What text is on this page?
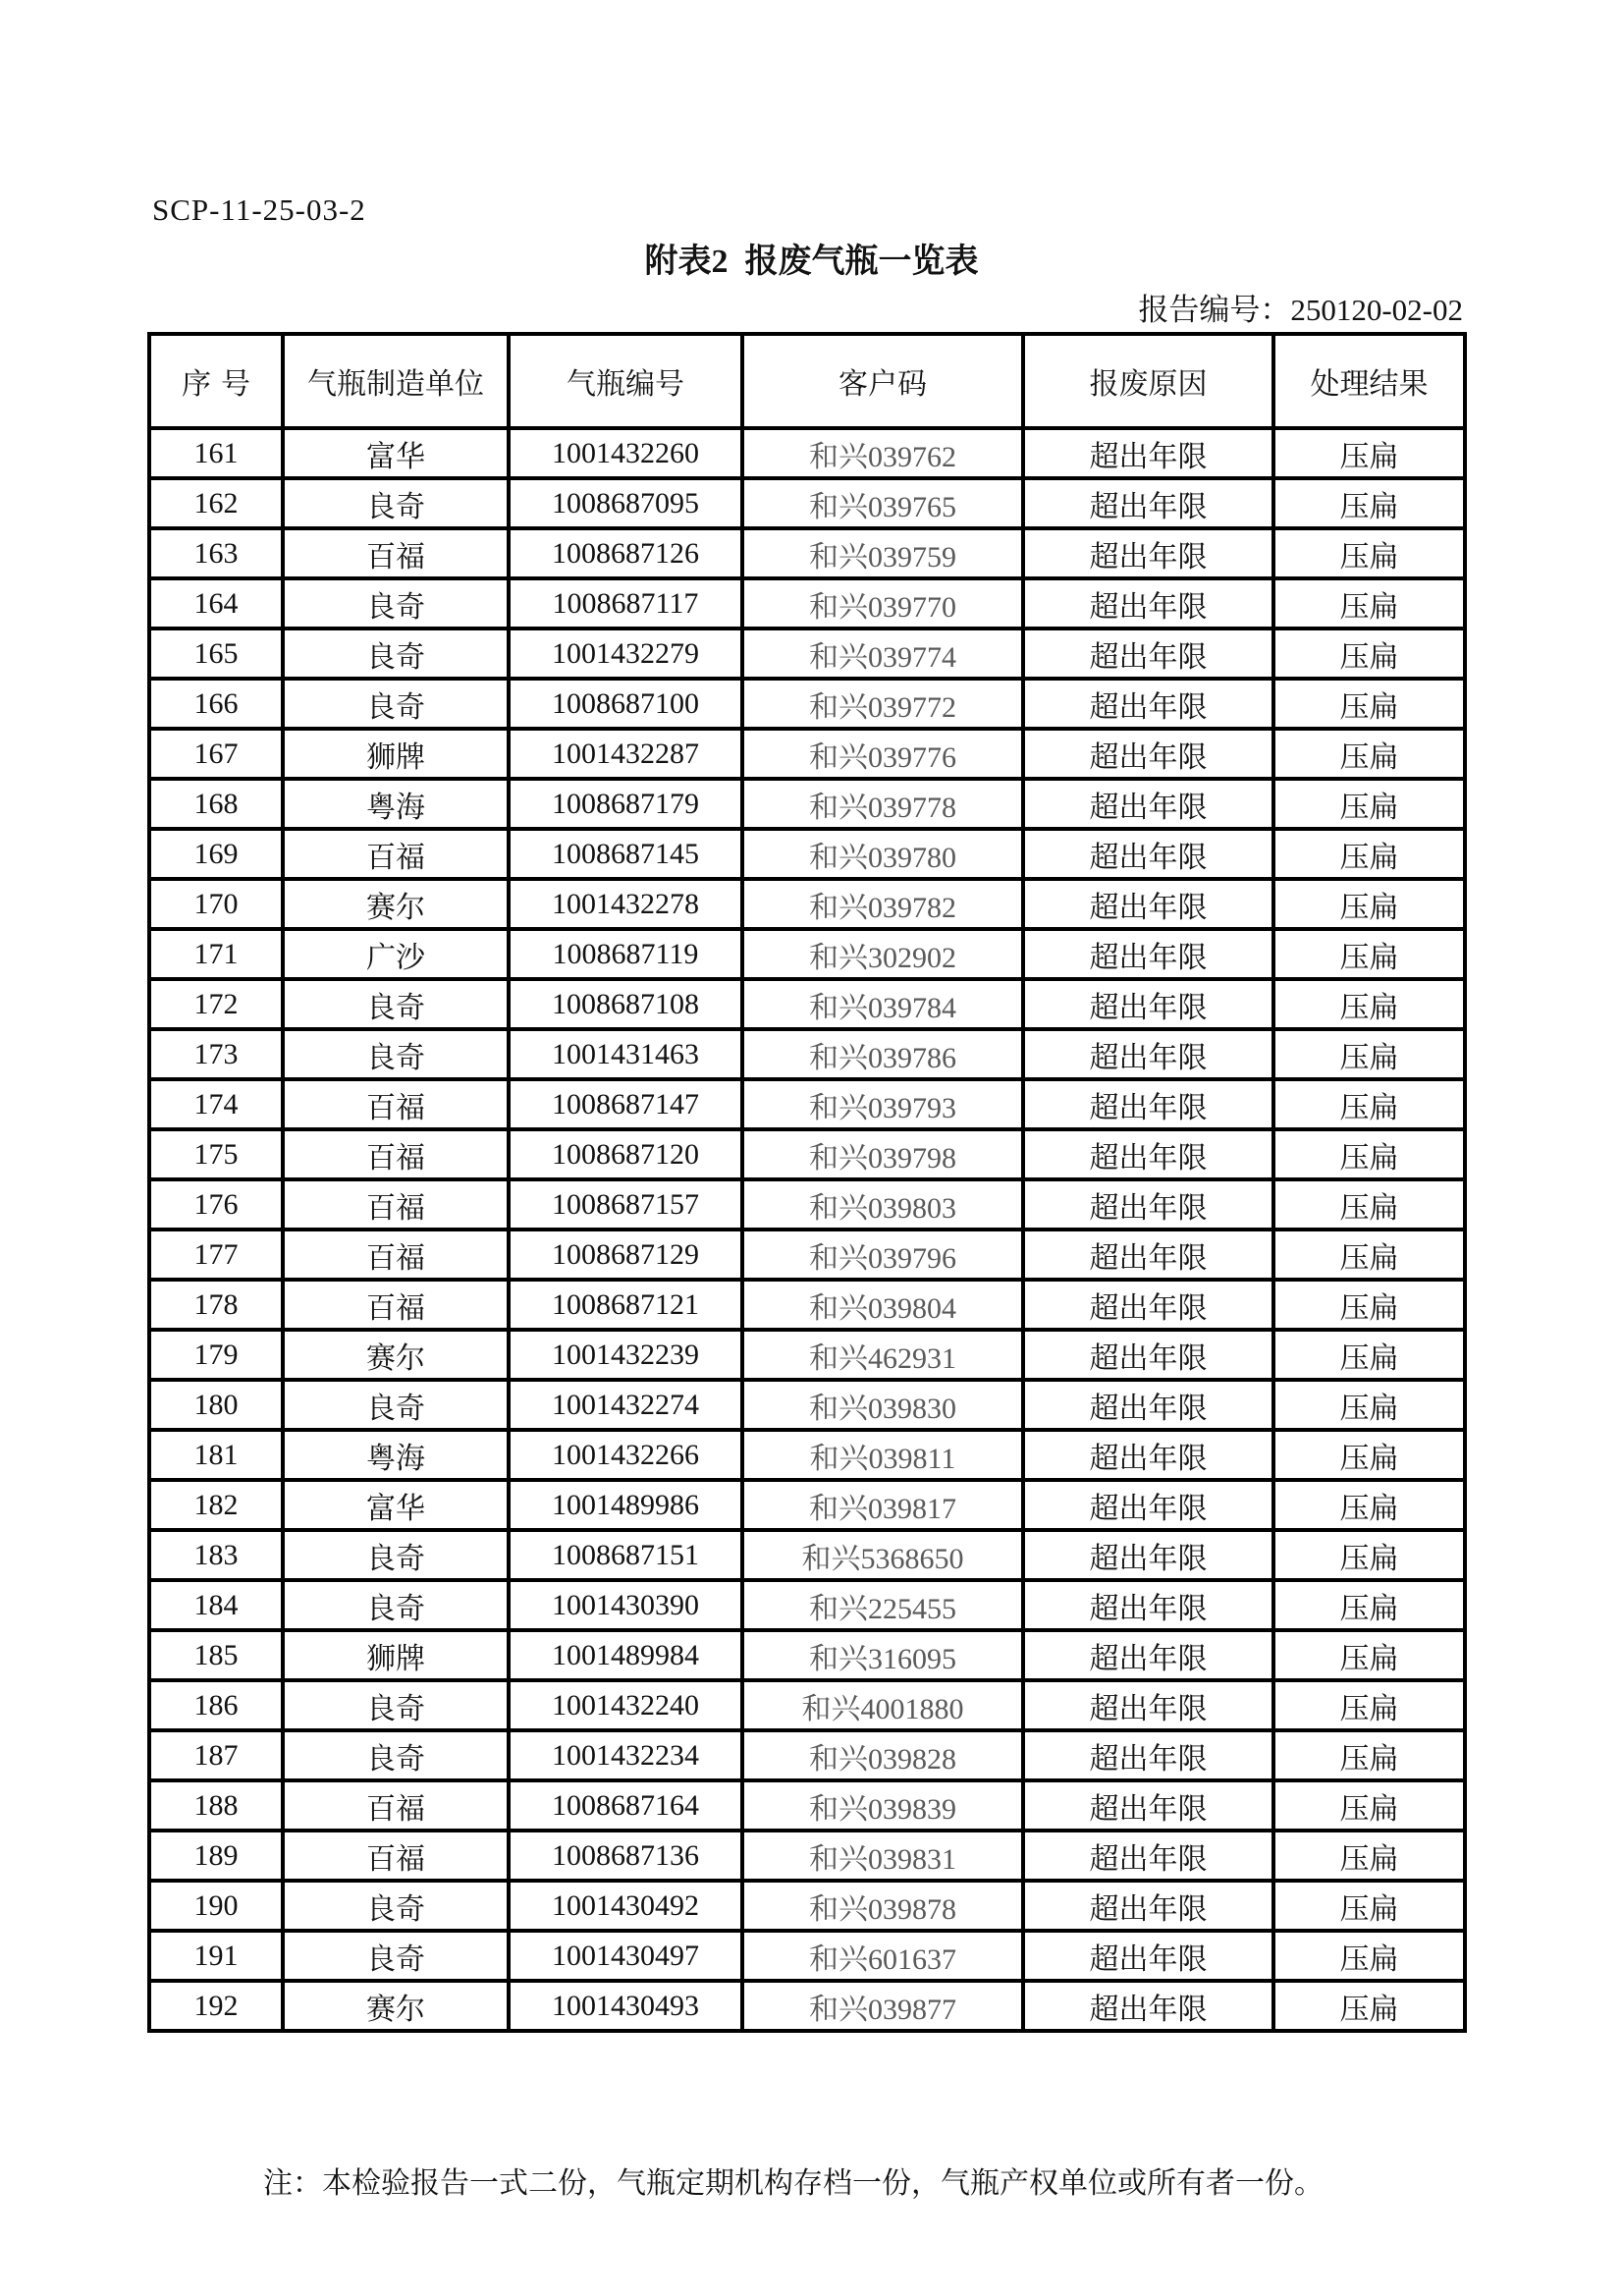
SCP-11-25-03-2
附表2  报废气瓶一览表
报告编号：250120-02-02
序号	气瓶制造单位	气瓶编号	客户码	报废原因	处理结果
161	富华	1001432260	和兴039762	超出年限	压扁
162	良奇	1008687095	和兴039765	超出年限	压扁
163	百福	1008687126	和兴039759	超出年限	压扁
164	良奇	1008687117	和兴039770	超出年限	压扁
165	良奇	1001432279	和兴039774	超出年限	压扁
166	良奇	1008687100	和兴039772	超出年限	压扁
167	狮牌	1001432287	和兴039776	超出年限	压扁
168	粤海	1008687179	和兴039778	超出年限	压扁
169	百福	1008687145	和兴039780	超出年限	压扁
170	赛尔	1001432278	和兴039782	超出年限	压扁
171	广沙	1008687119	和兴302902	超出年限	压扁
172	良奇	1008687108	和兴039784	超出年限	压扁
173	良奇	1001431463	和兴039786	超出年限	压扁
174	百福	1008687147	和兴039793	超出年限	压扁
175	百福	1008687120	和兴039798	超出年限	压扁
176	百福	1008687157	和兴039803	超出年限	压扁
177	百福	1008687129	和兴039796	超出年限	压扁
178	百福	1008687121	和兴039804	超出年限	压扁
179	赛尔	1001432239	和兴462931	超出年限	压扁
180	良奇	1001432274	和兴039830	超出年限	压扁
181	粤海	1001432266	和兴039811	超出年限	压扁
182	富华	1001489986	和兴039817	超出年限	压扁
183	良奇	1008687151	和兴5368650	超出年限	压扁
184	良奇	1001430390	和兴225455	超出年限	压扁
185	狮牌	1001489984	和兴316095	超出年限	压扁
186	良奇	1001432240	和兴4001880	超出年限	压扁
187	良奇	1001432234	和兴039828	超出年限	压扁
188	百福	1008687164	和兴039839	超出年限	压扁
189	百福	1008687136	和兴039831	超出年限	压扁
190	良奇	1001430492	和兴039878	超出年限	压扁
191	良奇	1001430497	和兴601637	超出年限	压扁
192	赛尔	1001430493	和兴039877	超出年限	压扁
注：本检验报告一式二份，气瓶定期机构存档一份，气瓶产权单位或所有者一份。
